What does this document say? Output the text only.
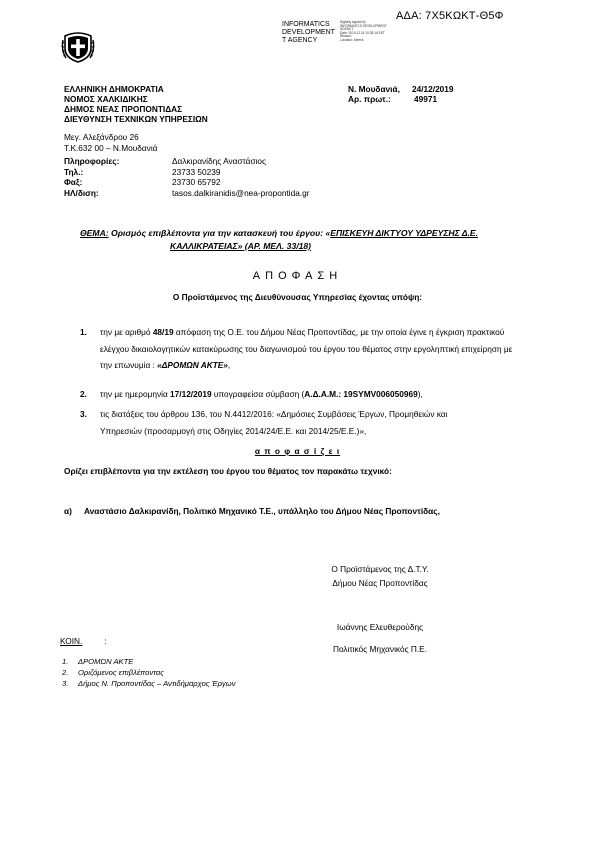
ΑΔΑ: 7Χ5ΚΩΚΤ-Θ5Φ
INFORMATICS
DEVELOPMENT
T AGENCY
Digitally signed by
INFORMATICS DEVELOPMENT AGENCY
Date: 2019.12.24 10:28:16 EET
Reason:
Location: Athens
ΕΛΛΗΝΙΚΗ ΔΗΜΟΚΡΑΤΙΑ
ΝΟΜΟΣ ΧΑΛΚΙΔΙΚΗΣ
ΔΗΜΟΣ ΝΕΑΣ ΠΡΟΠΟΝΤΙΔΑΣ
ΔΙΕΥΘΥΝΣΗ ΤΕΧΝΙΚΩΝ ΥΠΗΡΕΣΙΩΝ
Μεγ. Αλεξάνδρου 26
Τ.Κ.632 00 – Ν.Μουδανιά
Πληροφορίες:	Δαλκιρανίδης Αναστάσιος
Τηλ.:	23733 50239
Φαξ:	23730 65792
ΗΛ/διση:	tasos.dalkiranidis@nea-propontida.gr
Ν. Μουδανιά,	24/12/2019
Αρ. πρωτ.:	49971
ΘΕΜΑ: Ορισμός επιβλέποντα για την κατασκευή του έργου: «ΕΠΙΣΚΕΥΗ ΔΙΚΤΥΟΥ ΥΔΡΕΥΣΗΣ Δ.Ε.
ΚΑΛΛΙΚΡΑΤΕΙΑΣ» (ΑΡ. ΜΕΛ. 33/18)
ΑΠΟΦΑΣΗ
Ο Προϊστάμενος της Διευθύνουσας Υπηρεσίας έχοντας υπόψη:
1. την με αριθμό 48/19 απόφαση της Ο.Ε. του Δήμου Νέας Προποντίδας, με την οποία έγινε η έγκριση πρακτικού
ελέγχου δικαιολογητικών κατακύρωσης του διαγωνισμού του έργου του θέματος στην εργοληπτική επιχείρηση με
την επωνυμία : «ΔΡΟΜΩΝ ΑΚΤΕ»,
2.	την με ημερομηνία 17/12/2019 υπογραφείσα σύμβαση (Α.Δ.Α.Μ.: 19SYMV006050969),
3. τις διατάξεις του άρθρου 136, του Ν.4412/2016: «Δημόσιες Συμβάσεις Έργων, Προμηθειών και
Υπηρεσιών (προσαρμογή στις Οδηγίες 2014/24/Ε.Ε. και 2014/25/Ε.Ε.)»,
α π ο φ α σ ί ζ ε ι
Ορίζει επιβλέποντα για την εκτέλεση του έργου του θέματος τον παρακάτω τεχνικό:
α) Αναστάσιο Δαλκιρανίδη, Πολιτικό Μηχανικό Τ.Ε., υπάλληλο του Δήμου Νέας Προποντίδας,
Ο Προϊστάμενος της Δ.Τ.Υ.
Δήμου Νέας Προποντίδας
Ιωάννης Ελευθερούδης
Πολιτικός Μηχανικός Π.Ε.
ΚΟΙΝ.	:
1. ΔΡΟΜΩΝ ΑΚΤΕ
2. Οριζόμενος επιβλέποντας
3. Δήμος Ν. Προποντίδας – Αντιδήμαρχος Έργων
